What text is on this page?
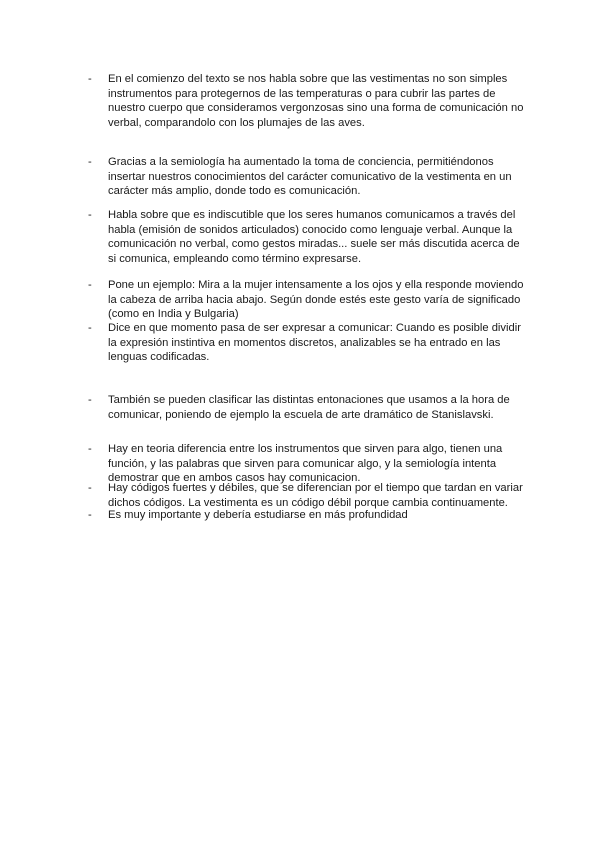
- En el comienzo del texto se nos habla sobre que las vestimentas no son simples instrumentos para protegernos de las temperaturas o para cubrir las partes de nuestro cuerpo que consideramos vergonzosas sino una forma de comunicación no verbal, comparandolo con los plumajes de las aves.
- Gracias a la semiología ha aumentado la toma de conciencia, permitiéndonos insertar nuestros conocimientos del carácter comunicativo de la vestimenta en un carácter más amplio, donde todo es comunicación.
- Habla sobre que es indiscutible que los seres humanos comunicamos a través del habla (emisión de sonidos articulados) conocido como lenguaje verbal. Aunque la comunicación no verbal, como gestos miradas... suele ser más discutida acerca de si comunica, empleando como término expresarse.
- Pone un ejemplo: Mira a la mujer intensamente a los ojos y ella responde moviendo la cabeza de arriba hacia abajo. Según donde estés este gesto varía de significado (como en India y Bulgaria)
- Dice en que momento pasa de ser expresar a comunicar: Cuando es posible dividir la expresión instintiva en momentos discretos, analizables se ha entrado en las lenguas codificadas.
- También se pueden clasificar las distintas entonaciones que usamos a la hora de comunicar, poniendo de ejemplo la escuela de arte dramático de Stanislavski.
- Hay en teoria diferencia entre los instrumentos que sirven para algo, tienen una función, y las palabras que sirven para comunicar algo, y la semiología intenta demostrar que en ambos casos hay comunicacion.
- Hay códigos fuertes y débiles, que se diferencian por el tiempo que tardan en variar dichos códigos. La vestimenta es un código débil porque cambia continuamente.
- Es muy importante y debería estudiarse en más profundidad
